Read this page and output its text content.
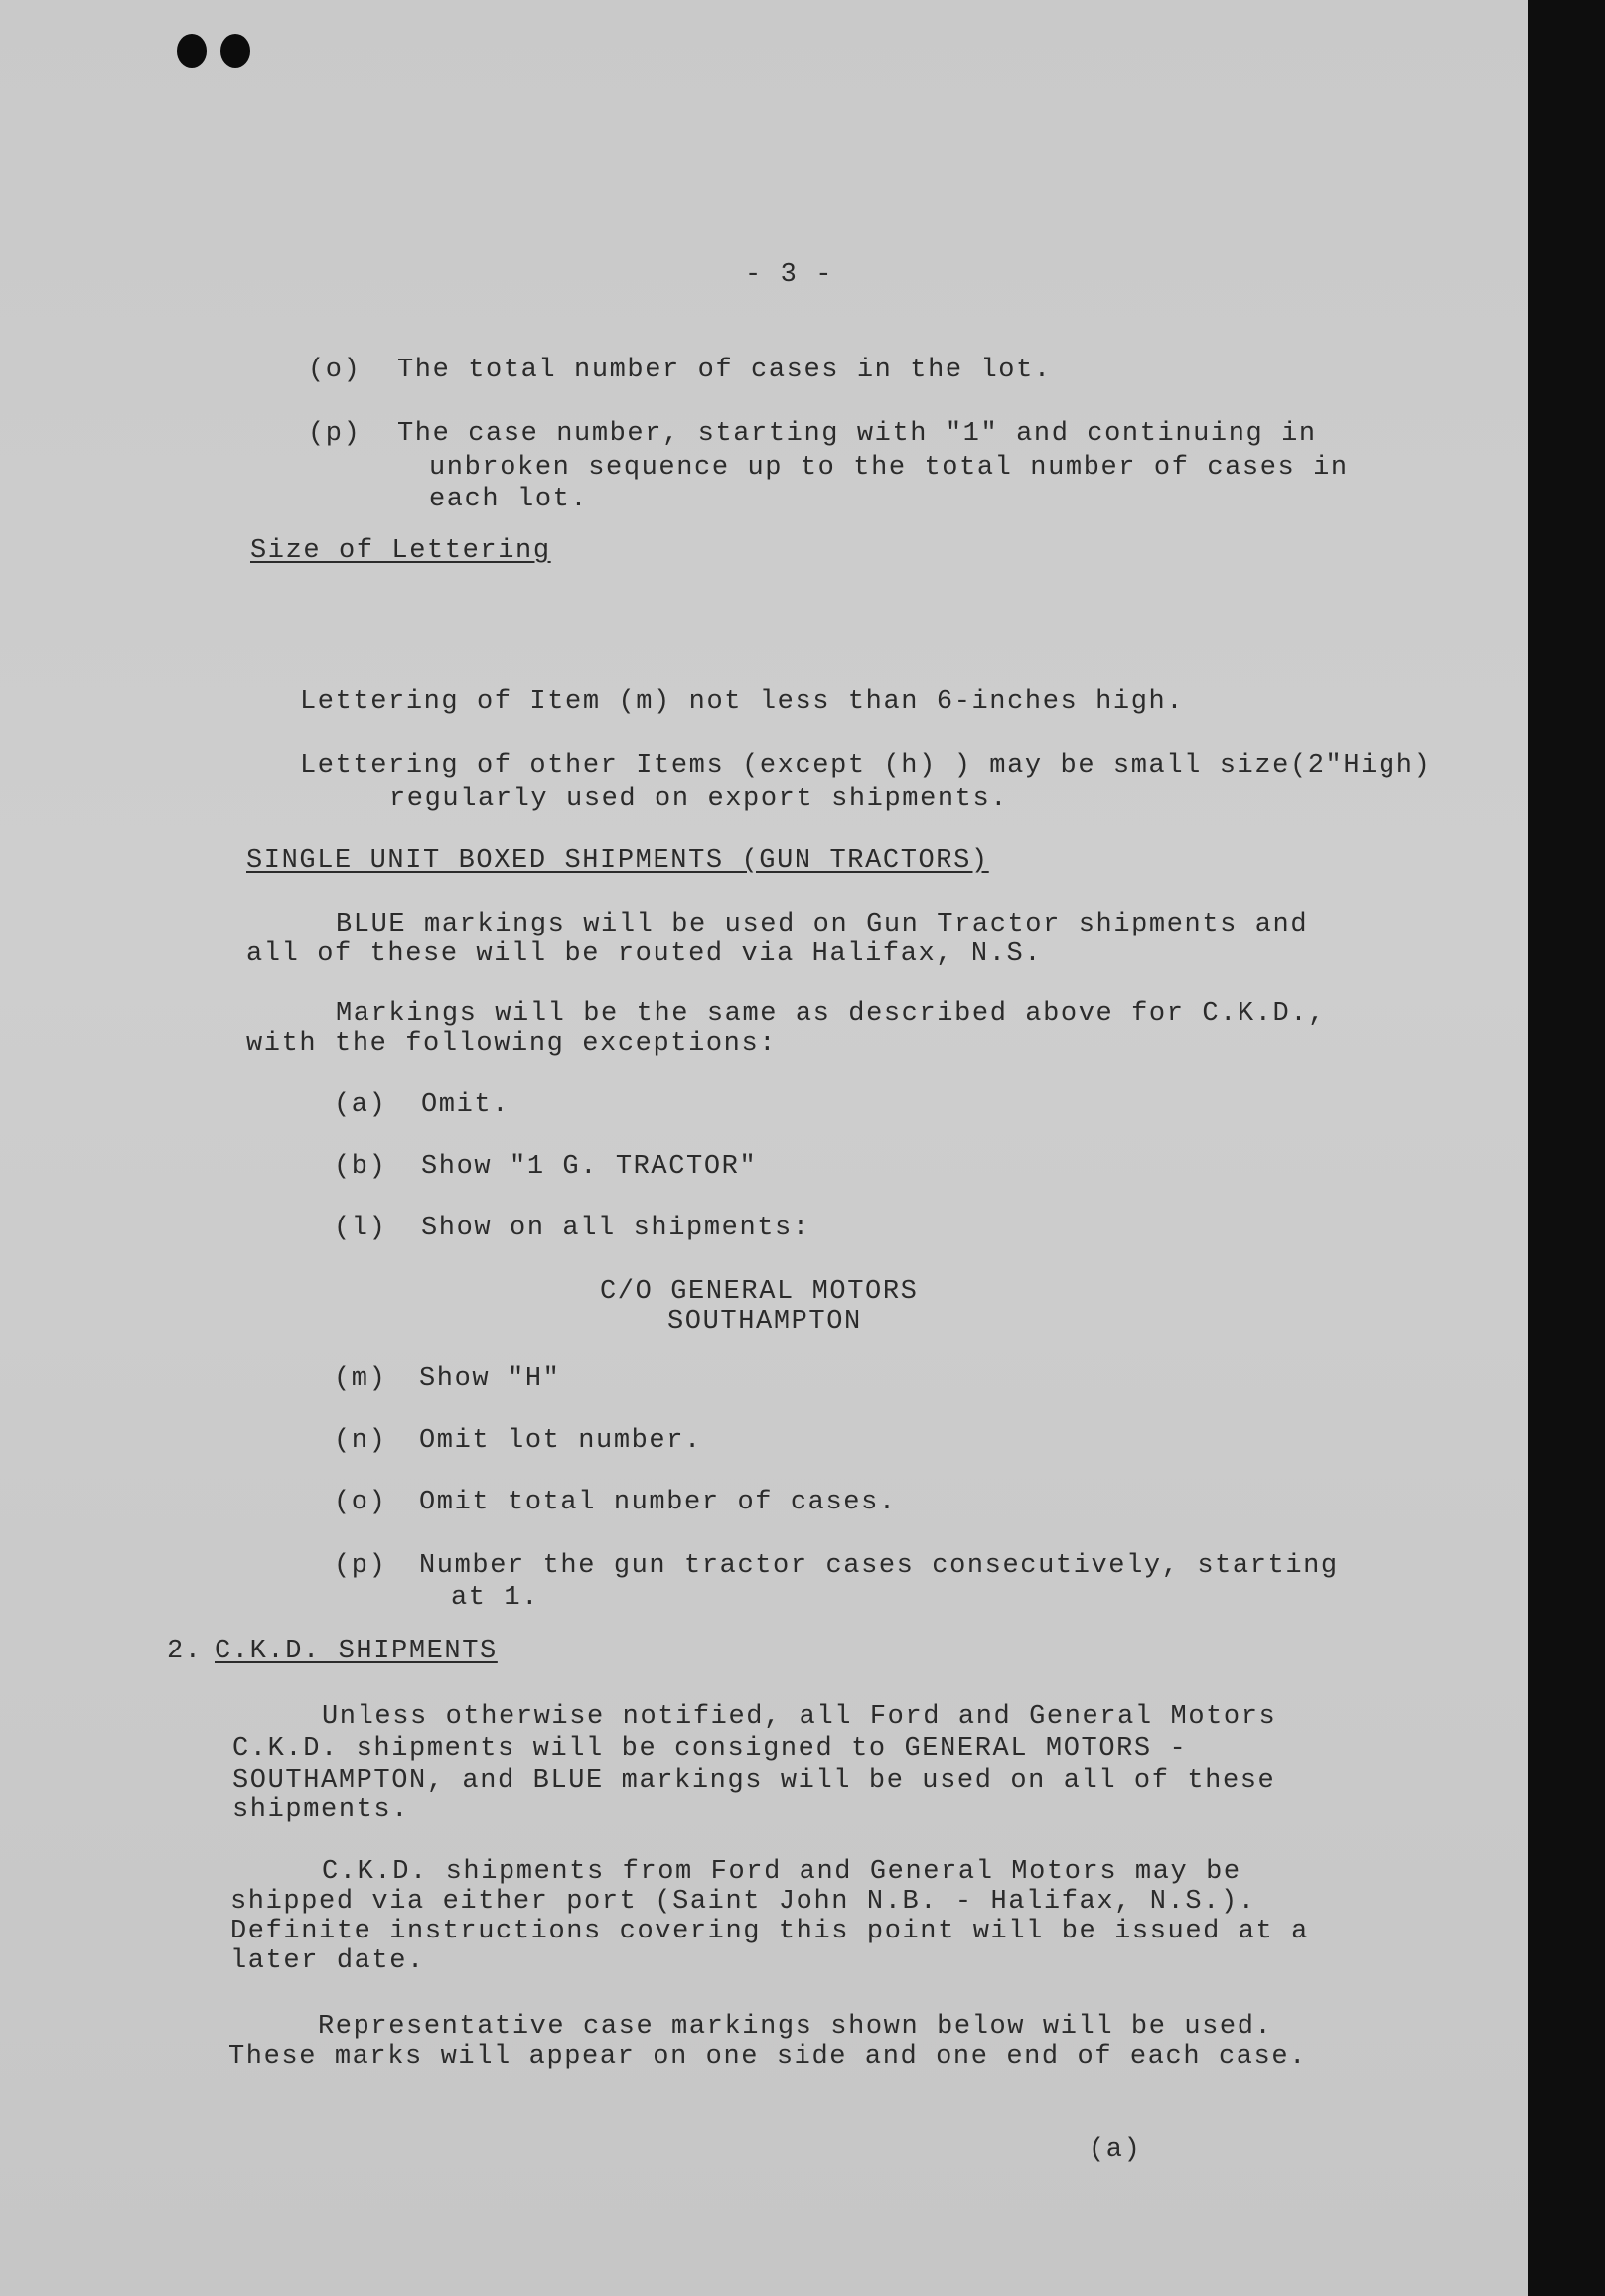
- 3 -
(o) The total number of cases in the lot.
(p) The case number, starting with "1" and continuing in
unbroken sequence up to the total number of cases in
each lot.
Size of Lettering
Lettering of Item (m) not less than 6-inches high.
Lettering of other Items (except (h) ) may be small size(2"High)
regularly used on export shipments.
SINGLE UNIT BOXED SHIPMENTS (GUN TRACTORS)
BLUE markings will be used on Gun Tractor shipments and
all of these will be routed via Halifax, N.S.
Markings will be the same as described above for C.K.D.,
with the following exceptions:
(a) Omit.
(b) Show "1 G. TRACTOR"
(l) Show on all shipments:
C/O GENERAL MOTORS
SOUTHAMPTON
(m) Show "H"
(n) Omit lot number.
(o) Omit total number of cases.
(p) Number the gun tractor cases consecutively, starting
at 1.
2. C.K.D. SHIPMENTS
Unless otherwise notified, all Ford and General Motors
C.K.D. shipments will be consigned to GENERAL MOTORS -
SOUTHAMPTON, and BLUE markings will be used on all of these
shipments.
C.K.D. shipments from Ford and General Motors may be
shipped via either port (Saint John N.B. - Halifax, N.S.).
Definite instructions covering this point will be issued at a
later date.
Representative case markings shown below will be used.
These marks will appear on one side and one end of each case.
(a)
